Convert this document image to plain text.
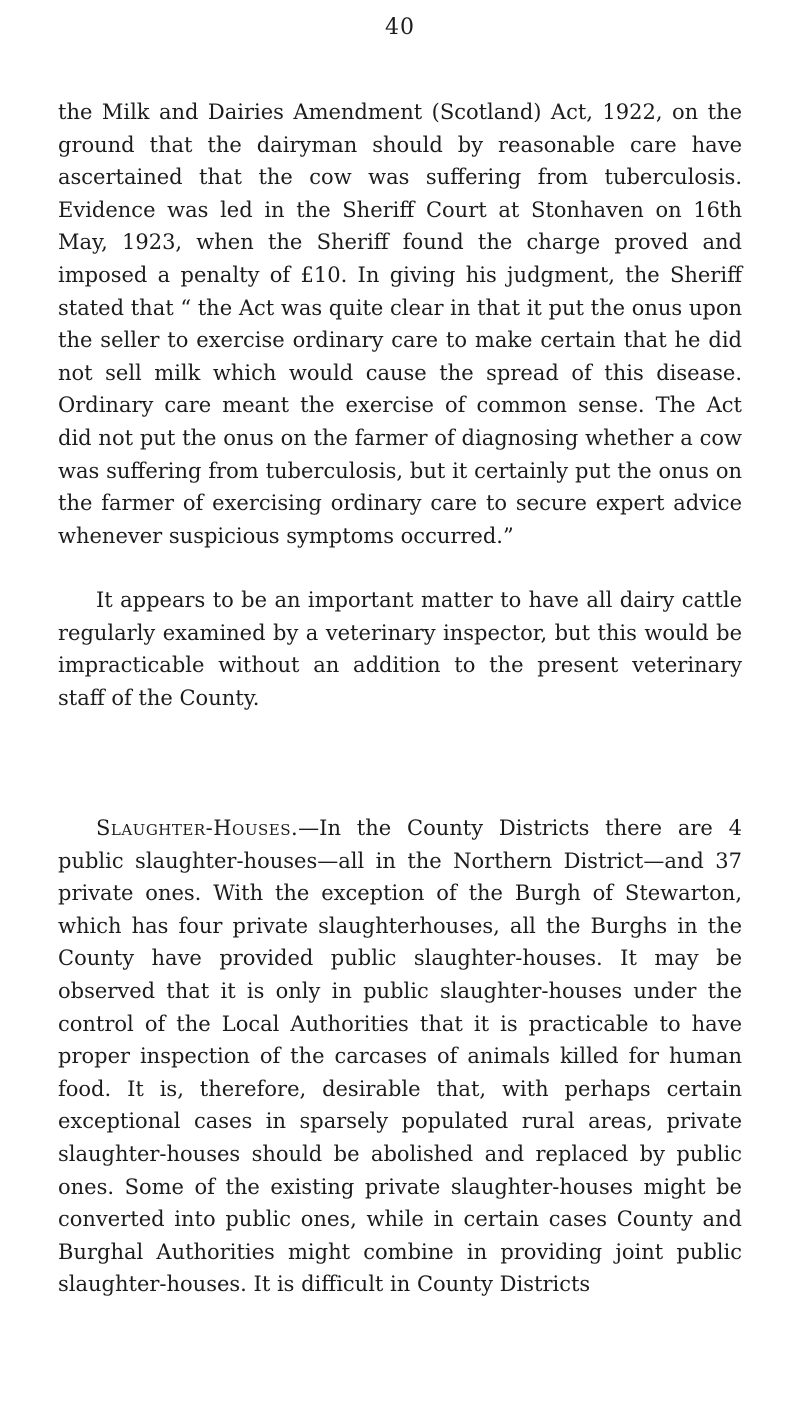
40

the Milk and Dairies Amendment (Scotland) Act, 1922, on the ground that the dairyman should by reasonable care have ascertained that the cow was suffering from tuberculosis. Evidence was led in the Sheriff Court at Stonhaven on 16th May, 1923, when the Sheriff found the charge proved and imposed a penalty of £10. In giving his judgment, the Sheriff stated that “ the Act was quite clear in that it put the onus upon the seller to exercise ordinary care to make certain that he did not sell milk which would cause the spread of this disease. Ordinary care meant the exercise of common sense. The Act did not put the onus on the farmer of diagnosing whether a cow was suffering from tuberculosis, but it certainly put the onus on the farmer of exercising ordinary care to secure expert advice whenever suspicious symptoms occurred.”

It appears to be an important matter to have all dairy cattle regularly examined by a veterinary inspector, but this would be impracticable without an addition to the present veterinary staff of the County.

Slaughter-Houses.—In the County Districts there are 4 public slaughter-houses—all in the Northern District—and 37 private ones. With the exception of the Burgh of Stewarton, which has four private slaughterhouses, all the Burghs in the County have provided public slaughter-houses. It may be observed that it is only in public slaughter-houses under the control of the Local Authorities that it is practicable to have proper inspection of the carcases of animals killed for human food. It is, therefore, desirable that, with perhaps certain exceptional cases in sparsely populated rural areas, private slaughter-houses should be abolished and replaced by public ones. Some of the existing private slaughter-houses might be converted into public ones, while in certain cases County and Burghal Authorities might combine in providing joint public slaughter-houses. It is difficult in County Districts
